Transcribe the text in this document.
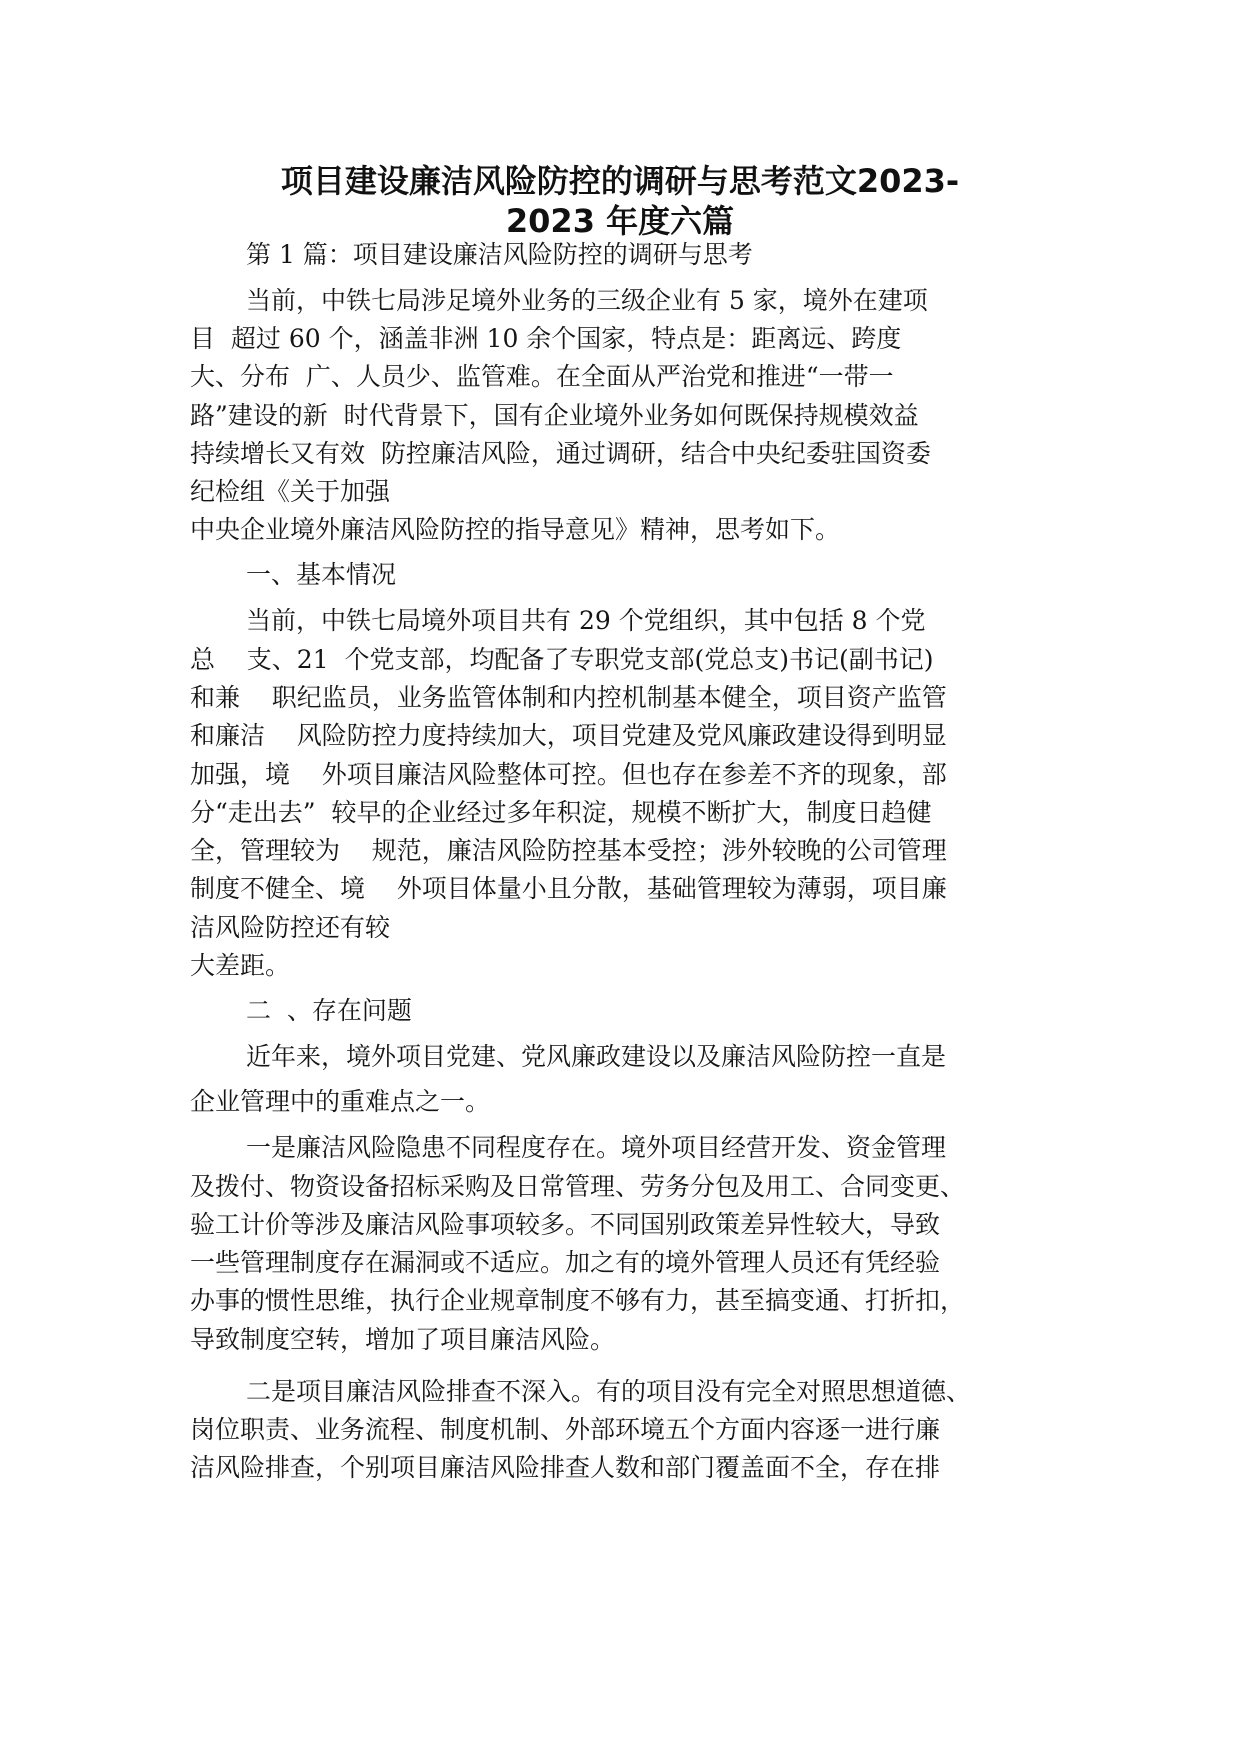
项目建设廉洁风险防控的调研与思考范文2023-
2023 年度六篇

第 1 篇：项目建设廉洁风险防控的调研与思考

当前，中铁七局涉足境外业务的三级企业有 5 家，境外在建项

目  超过 60 个，涵盖非洲 10 余个国家，特点是：距离远、跨度

大、分布  广、人员少、监管难。在全面从严治党和推进“一带一

路”建设的新  时代背景下，国有企业境外业务如何既保持规模效益

持续增长又有效  防控廉洁风险，通过调研，结合中央纪委驻国资委

纪检组《关于加强

中央企业境外廉洁风险防控的指导意见》精神，思考如下。

一、基本情况

当前，中铁七局境外项目共有 29 个党组织，其中包括 8 个党

总    支、21  个党支部，均配备了专职党支部(党总支)书记(副书记)

和兼    职纪监员，业务监管体制和内控机制基本健全，项目资产监管

和廉洁    风险防控力度持续加大，项目党建及党风廉政建设得到明显

加强，境    外项目廉洁风险整体可控。但也存在参差不齐的现象，部

分“走出去”  较早的企业经过多年积淀，规模不断扩大，制度日趋健

全，管理较为    规范，廉洁风险防控基本受控；涉外较晚的公司管理

制度不健全、境    外项目体量小且分散，基础管理较为薄弱，项目廉

洁风险防控还有较

大差距。

二  、存在问题

近年来，境外项目党建、党风廉政建设以及廉洁风险防控一直是

企业管理中的重难点之一。

一是廉洁风险隐患不同程度存在。境外项目经营开发、资金管理

及拨付、物资设备招标采购及日常管理、劳务分包及用工、合同变更、

验工计价等涉及廉洁风险事项较多。不同国别政策差异性较大，导致

一些管理制度存在漏洞或不适应。加之有的境外管理人员还有凭经验

办事的惯性思维，执行企业规章制度不够有力，甚至搞变通、打折扣，

导致制度空转，增加了项目廉洁风险。

二是项目廉洁风险排查不深入。有的项目没有完全对照思想道德、

岗位职责、业务流程、制度机制、外部环境五个方面内容逐一进行廉

洁风险排查，个别项目廉洁风险排查人数和部门覆盖面不全，存在排
